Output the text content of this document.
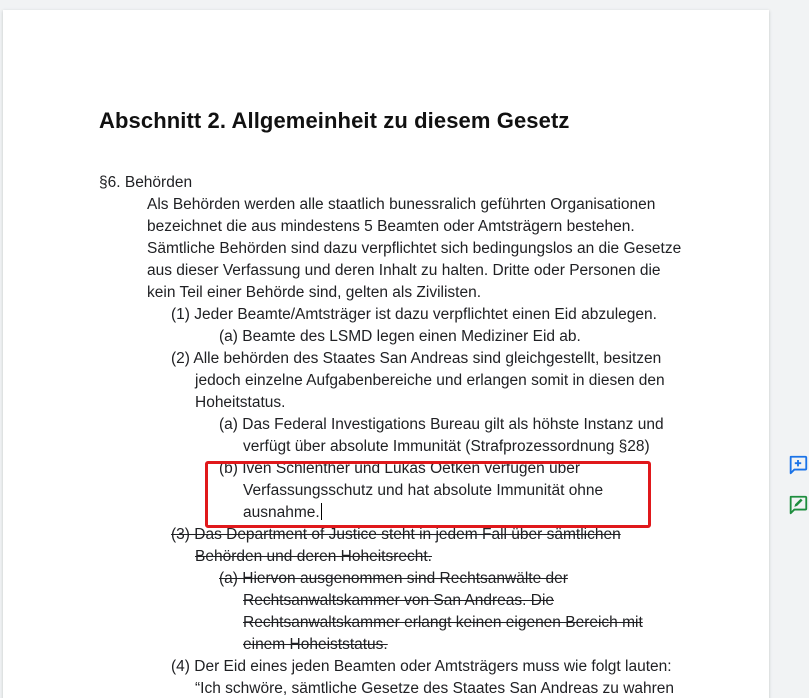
Abschnitt 2. Allgemeinheit zu diesem Gesetz
§6. Behörden
Als Behörden werden alle staatlich bunessralich geführten Organisationen
bezeichnet die aus mindestens 5 Beamten oder Amtsträgern bestehen.
Sämtliche Behörden sind dazu verpflichtet sich bedingungslos an die Gesetze
aus dieser Verfassung und deren Inhalt zu halten. Dritte oder Personen die
kein Teil einer Behörde sind, gelten als Zivilisten.
(1) Jeder Beamte/Amtsträger ist dazu verpflichtet einen Eid abzulegen.
(a) Beamte des LSMD legen einen Mediziner Eid ab.
(2) Alle behörden des Staates San Andreas sind gleichgestellt, besitzen
jedoch einzelne Aufgabenbereiche und erlangen somit in diesen den
Hoheitstatus.
(a) Das Federal Investigations Bureau gilt als höhste Instanz und
verfügt über absolute Immunität (Strafprozessordnung §28)
(b) Iven Schlenther und Lukas Oetken verfügen über
Verfassungsschutz und hat absolute Immunität ohne
ausnahme.
(3) Das Department of Justice steht in jedem Fall über sämtlichen
Behörden und deren Hoheitsrecht.
(a) Hiervon ausgenommen sind Rechtsanwälte der
Rechtsanwaltskammer von San Andreas. Die
Rechtsanwaltskammer erlangt keinen eigenen Bereich mit
einem Hoheiststatus.
(4) Der Eid eines jeden Beamten oder Amtsträgers muss wie folgt lauten:
“Ich schwöre, sämtliche Gesetze des Staates San Andreas zu wahren
